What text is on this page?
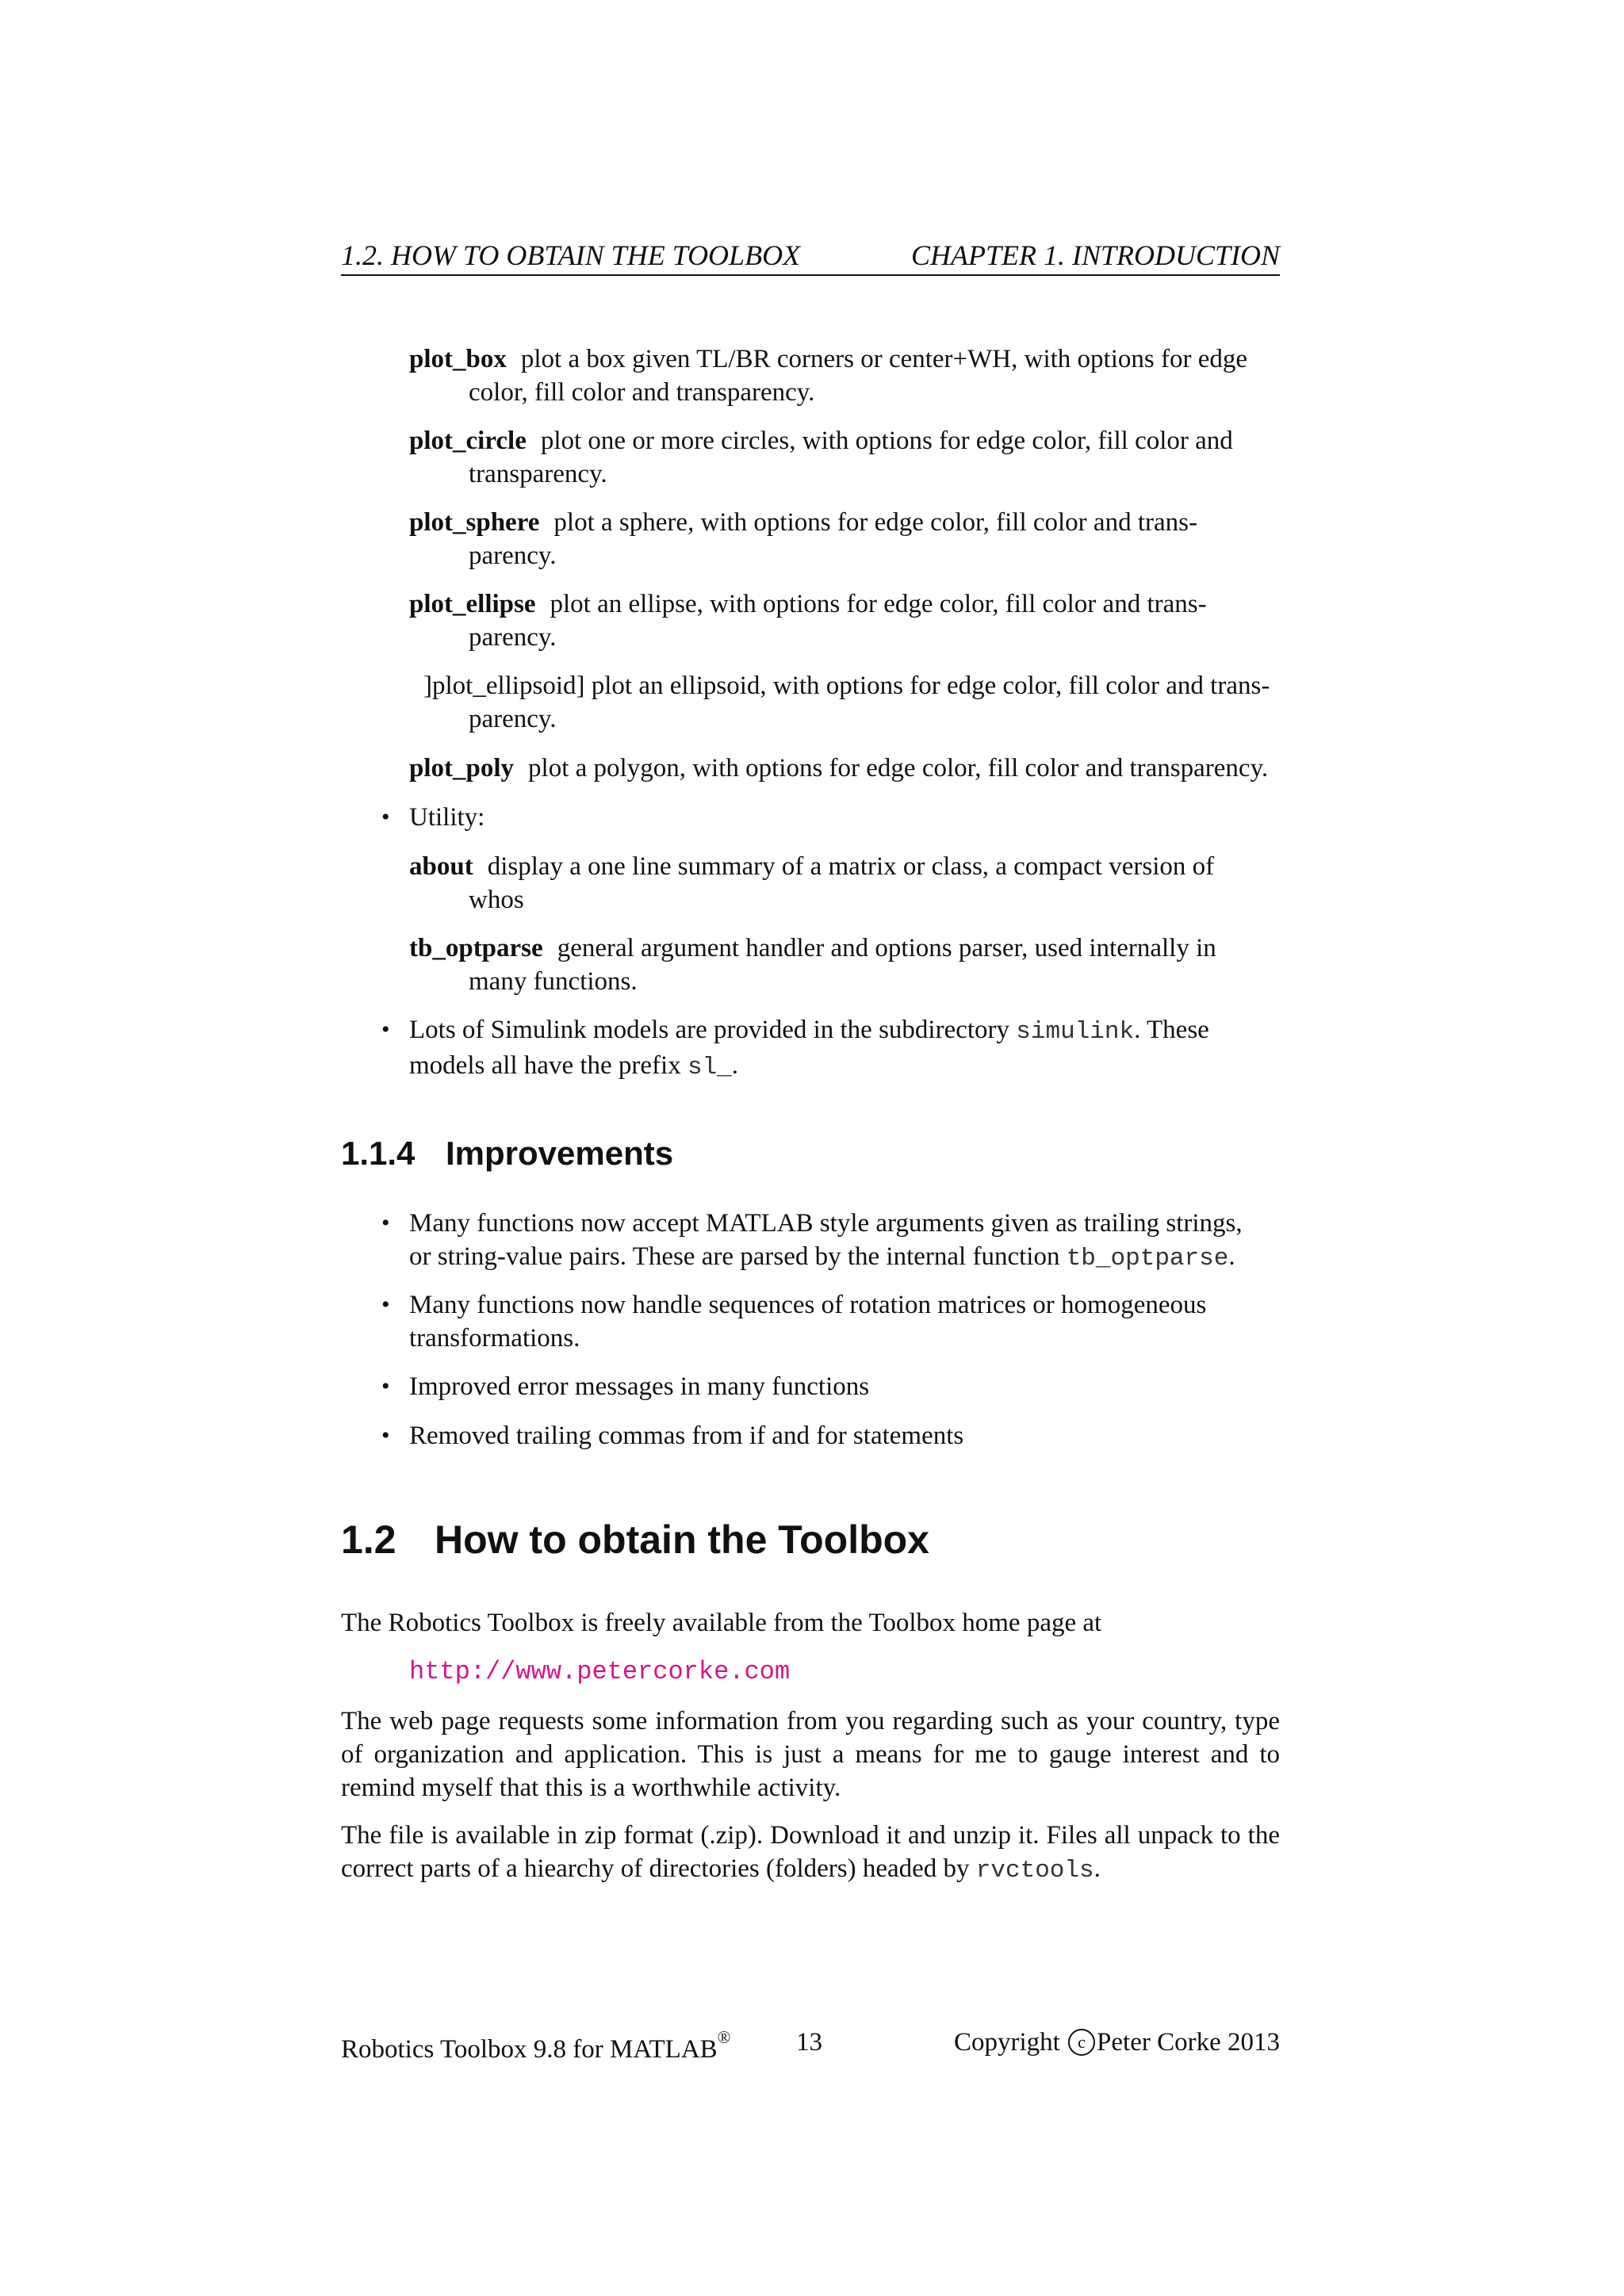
1.2. HOW TO OBTAIN THE TOOLBOX	CHAPTER 1. INTRODUCTION
plot_box plot a box given TL/BR corners or center+WH, with options for edge
color, fill color and transparency.
plot_circle plot one or more circles, with options for edge color, fill color and
transparency.
plot_sphere plot a sphere, with options for edge color, fill color and trans-
parency.
plot_ellipse plot an ellipse, with options for edge color, fill color and trans-
parency.
]plot_ellipsoid] plot an ellipsoid, with options for edge color, fill color and trans-
parency.
plot_poly plot a polygon, with options for edge color, fill color and transparency.
• Utility:
about display a one line summary of a matrix or class, a compact version of
whos
tb_optparse general argument handler and options parser, used internally in
many functions.
• Lots of Simulink models are provided in the subdirectory simulink. These
models all have the prefix sl_.
1.1.4 Improvements
• Many functions now accept MATLAB style arguments given as trailing strings,
or string-value pairs. These are parsed by the internal function tb_optparse.
• Many functions now handle sequences of rotation matrices or homogeneous
transformations.
• Improved error messages in many functions
• Removed trailing commas from if and for statements
1.2 How to obtain the Toolbox
The Robotics Toolbox is freely available from the Toolbox home page at
http://www.petercorke.com
The web page requests some information from you regarding such as your country, type of organization and application. This is just a means for me to gauge interest and to remind myself that this is a worthwhile activity.
The file is available in zip format (.zip). Download it and unzip it. Files all unpack to the correct parts of a hiearchy of directories (folders) headed by rvctools.
Robotics Toolbox 9.8 for MATLAB®	13	Copyright c Peter Corke 2013
